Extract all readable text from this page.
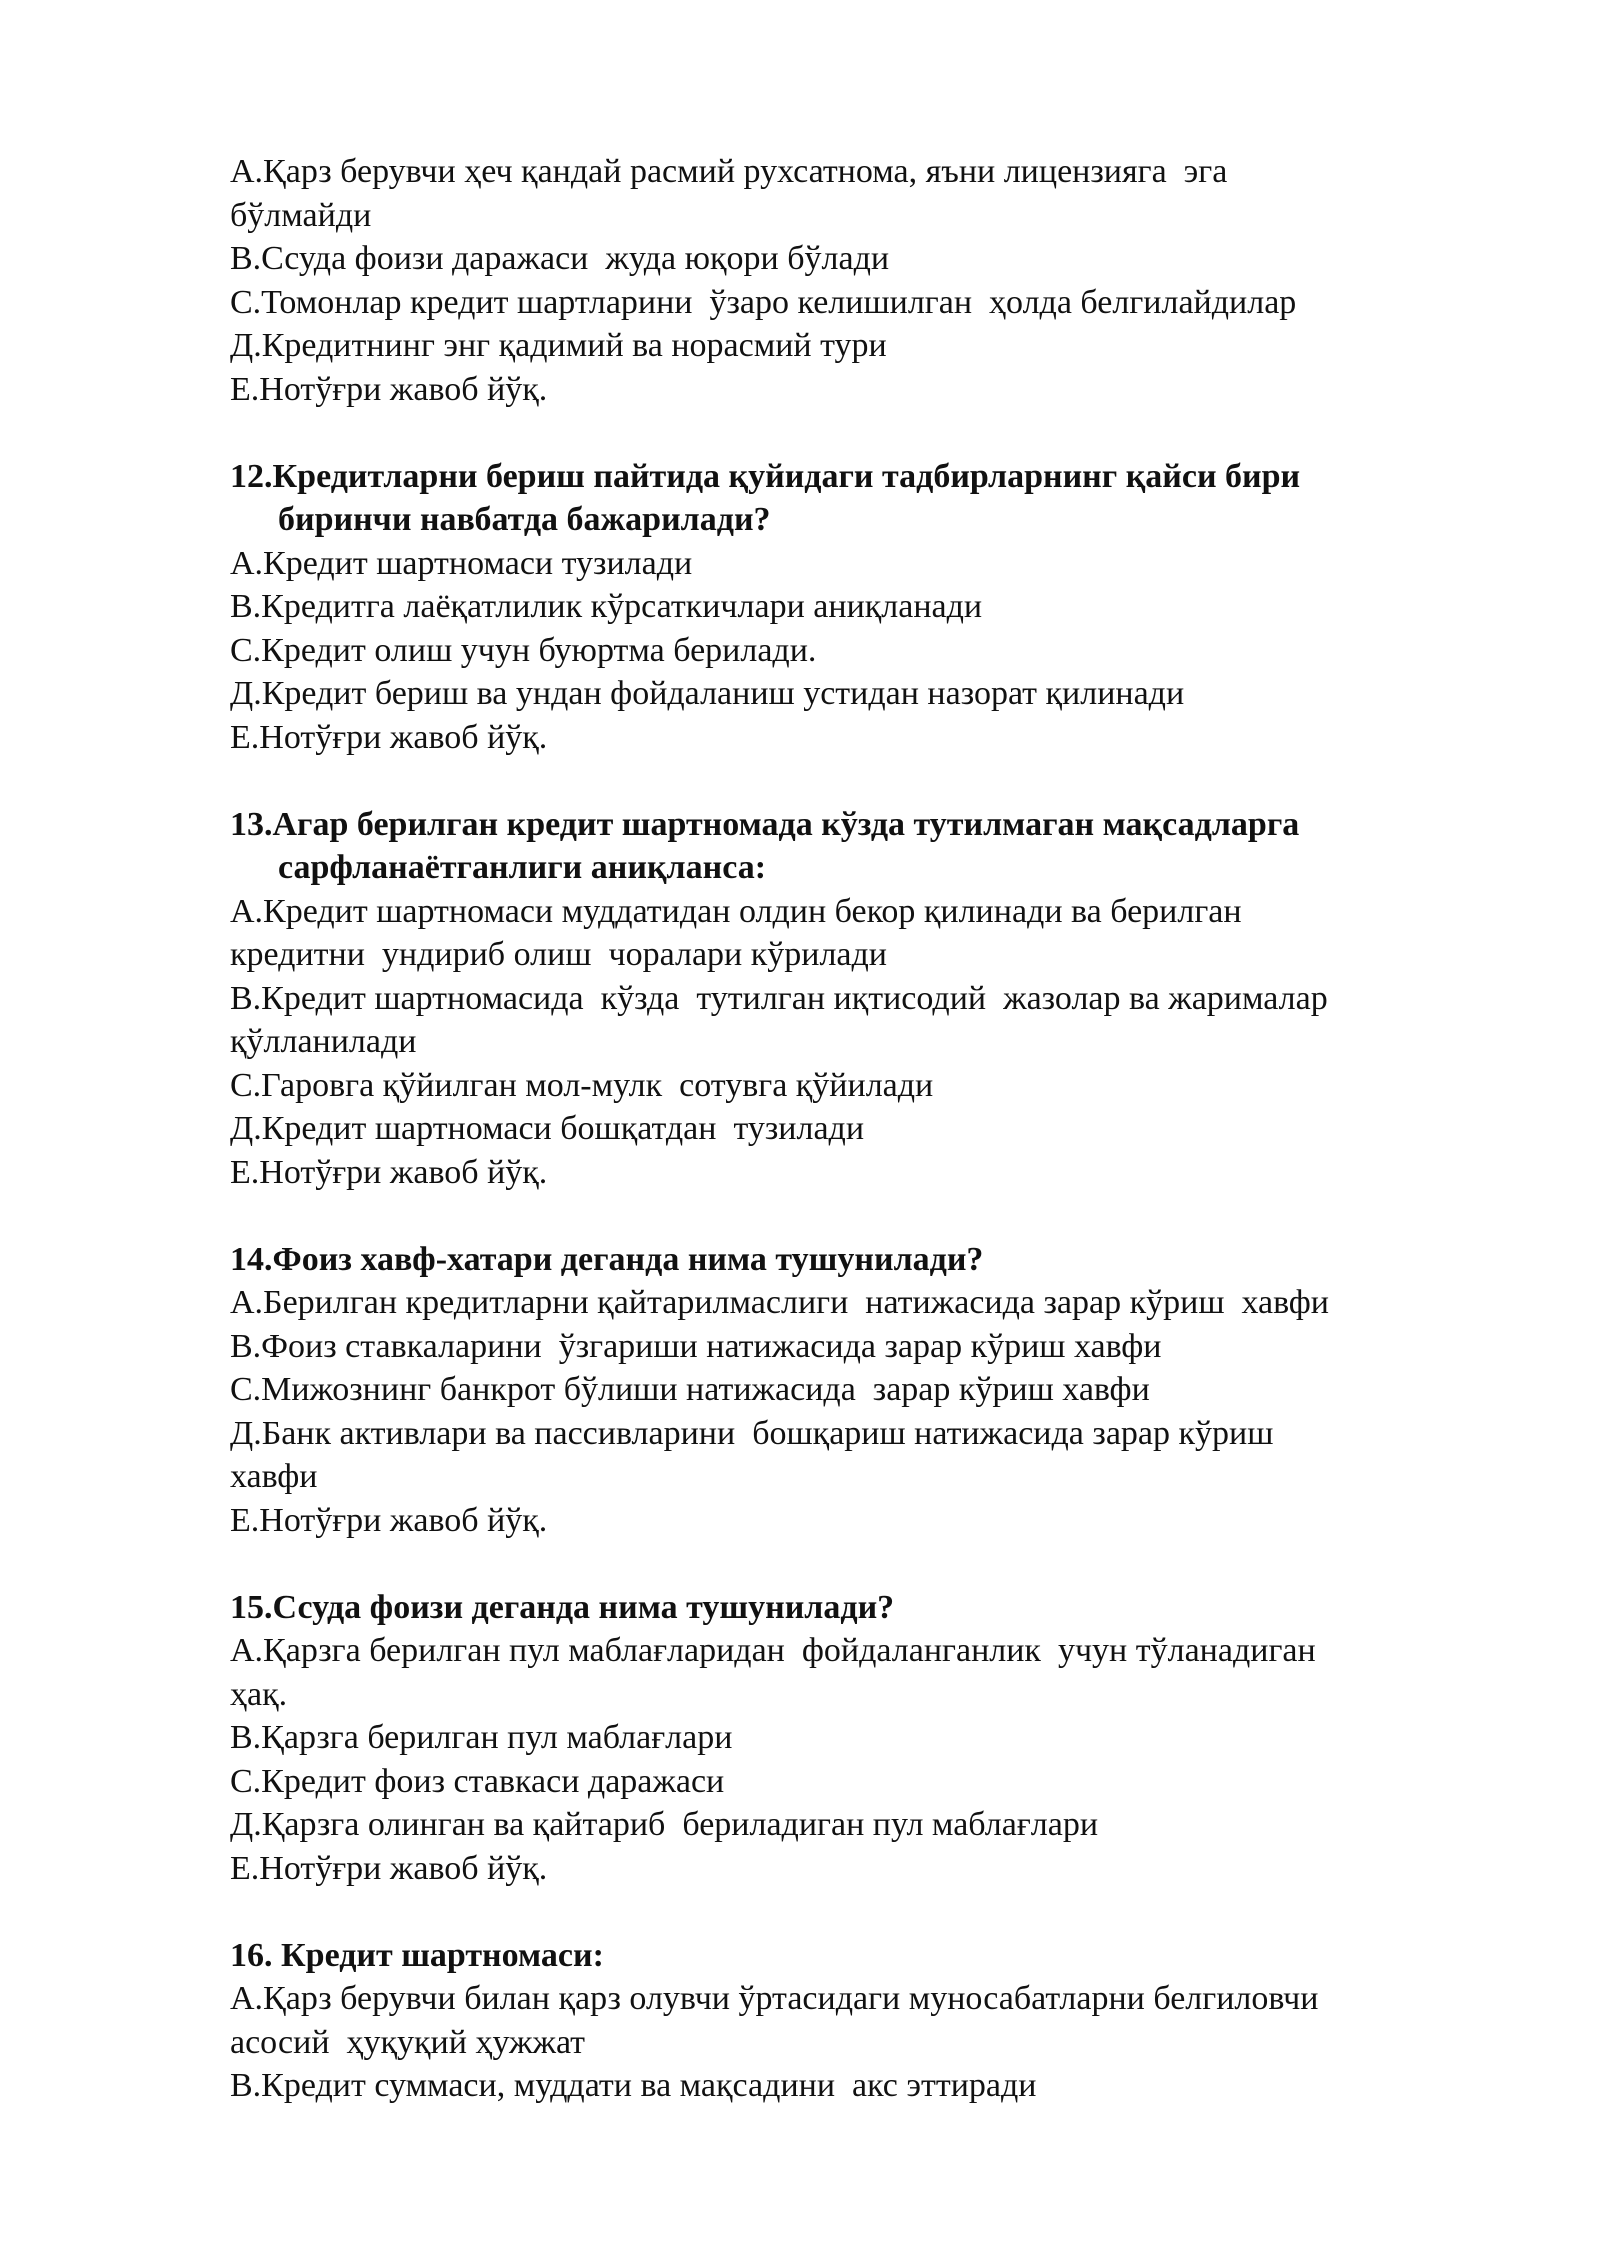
А.Қарз берувчи ҳеч қандай расмий рухсатнома, яъни лицензияга  эга
бўлмайди
В.Ссуда фоизи даражаси  жуда юқори бўлади
С.Томонлар кредит шартларини  ўзаро келишилган  ҳолда белгилайдилар
Д.Кредитнинг энг қадимий ва норасмий тури
Е.Нотўғри жавоб йўқ.
12.Кредитларни бериш пайтида қуйидаги тадбирларнинг қайси бири
биринчи навбатда бажарилади?
А.Кредит шартномаси тузилади
В.Кредитга лаёқатлилик кўрсаткичлари аниқланади
С.Кредит олиш учун буюртма берилади.
Д.Кредит бериш ва ундан фойдаланиш устидан назорат қилинади
Е.Нотўғри жавоб йўқ.
13.Агар берилган кредит шартномада кўзда тутилмаган мақсадларга
сарфланаётганлиги аниқланса:
А.Кредит шартномаси муддатидан олдин бекор қилинади ва берилган
кредитни  ундириб олиш  чоралари кўрилади
В.Кредит шартномасида  кўзда  тутилган иқтисодий  жазолар ва жарималар
қўлланилади
С.Гаровга қўйилган мол-мулк  сотувга қўйилади
Д.Кредит шартномаси бошқатдан  тузилади
Е.Нотўғри жавоб йўқ.
14.Фоиз хавф-хатари деганда нима тушунилади?
А.Берилган кредитларни қайтарилмаслиги  натижасида зарар кўриш  хавфи
В.Фоиз ставкаларини  ўзгариши натижасида зарар кўриш хавфи
С.Мижознинг банкрот бўлиши натижасида  зарар кўриш хавфи
Д.Банк активлари ва пассивларини  бошқариш натижасида зарар кўриш
хавфи
Е.Нотўғри жавоб йўқ.
15.Ссуда фоизи деганда нима тушунилади?
А.Қарзга берилган пул маблағларидан  фойдаланганлик  учун тўланадиган
ҳақ.
В.Қарзга берилган пул маблағлари
С.Кредит фоиз ставкаси даражаси
Д.Қарзга олинган ва қайтариб  бериладиган пул маблағлари
Е.Нотўғри жавоб йўқ.
16. Кредит шартномаси:
А.Қарз берувчи билан қарз олувчи ўртасидаги муносабатларни белгиловчи
асосий  ҳуқуқий ҳужжат
В.Кредит суммаси, муддати ва мақсадини  акс эттиради
